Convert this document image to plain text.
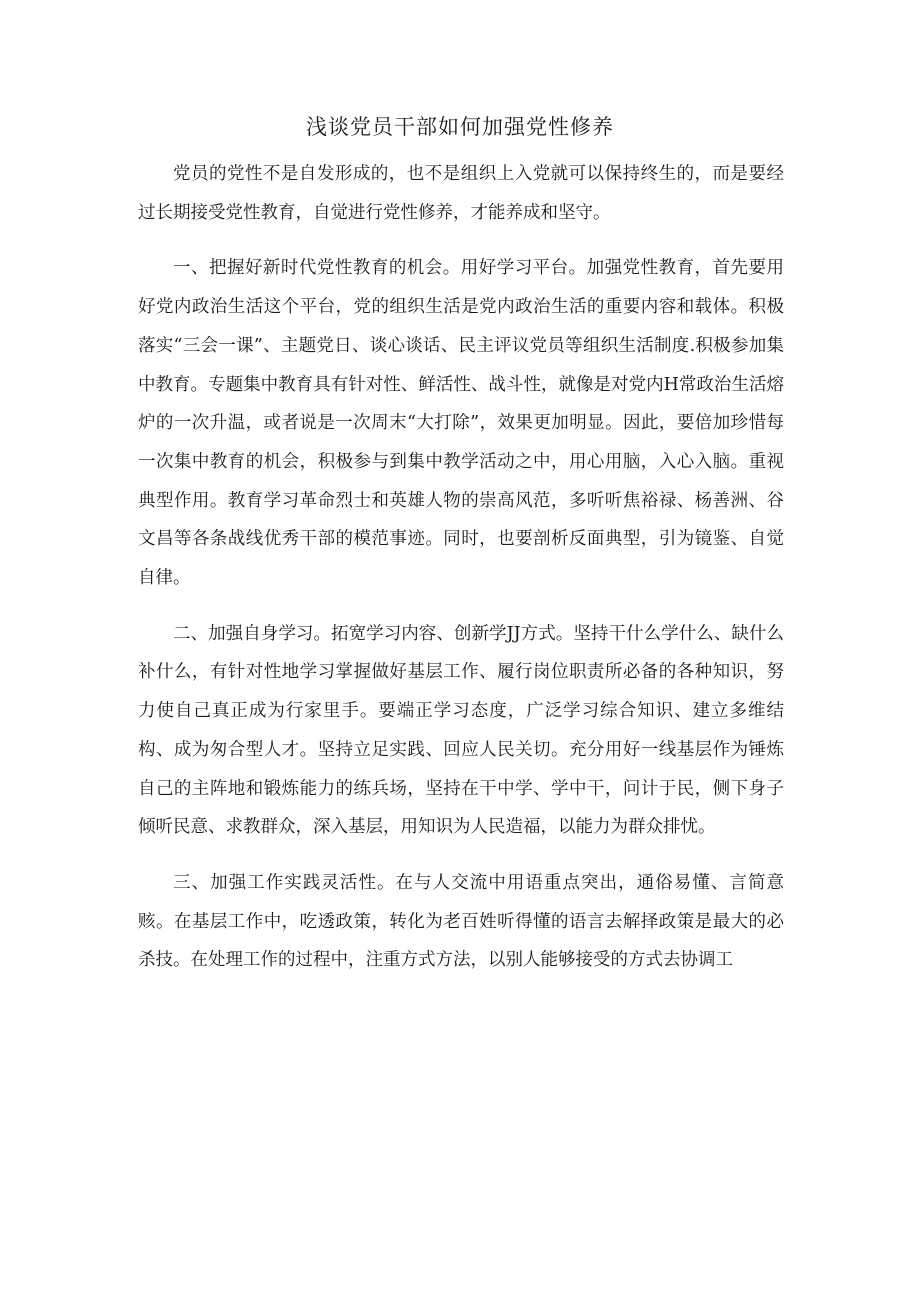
浅谈党员干部如何加强党性修养

党员的党性不是自发形成的，也不是组织上入党就可以保持终生的，而是要经过长期接受党性教育，自觉进行党性修养，才能养成和坚守。

一、把握好新时代党性教育的机会。用好学习平台。加强党性教育，首先要用好党内政治生活这个平台，党的组织生活是党内政治生活的重要内容和载体。积极落实“三会一课”、主题党日、谈心谈话、民主评议党员等组织生活制度.积极参加集中教育。专题集中教育具有针对性、鲜活性、战斗性，就像是对党内H常政治生活熔炉的一次升温，或者说是一次周末“大打除”，效果更加明显。因此，要倍加珍惜每一次集中教育的机会，积极参与到集中教学活动之中，用心用脑，入心入脑。重视典型作用。教育学习革命烈士和英雄人物的崇高风范，多听听焦裕禄、杨善洲、谷文昌等各条战线优秀干部的模范事迹。同时，也要剖析反面典型，引为镜鉴、自觉自律。

二、加强自身学习。拓宽学习内容、创新学JJ方式。坚持干什么学什么、缺什么补什么，有针对性地学习掌握做好基层工作、履行岗位职责所必备的各种知识，努力使自己真正成为行家里手。要端正学习态度，广泛学习综合知识、建立多维结构、成为匆合型人才。坚持立足实践、回应人民关切。充分用好一线基层作为锤炼自己的主阵地和锻炼能力的练兵场，坚持在干中学、学中干，问计于民，侧下身子倾听民意、求教群众，深入基层，用知识为人民造福，以能力为群众排忧。

三、加强工作实践灵活性。在与人交流中用语重点突出，通俗易懂、言简意赅。在基层工作中，吃透政策，转化为老百姓听得懂的语言去解择政策是最大的必杀技。在处理工作的过程中，注重方式方法，以别人能够接受的方式去协调工
